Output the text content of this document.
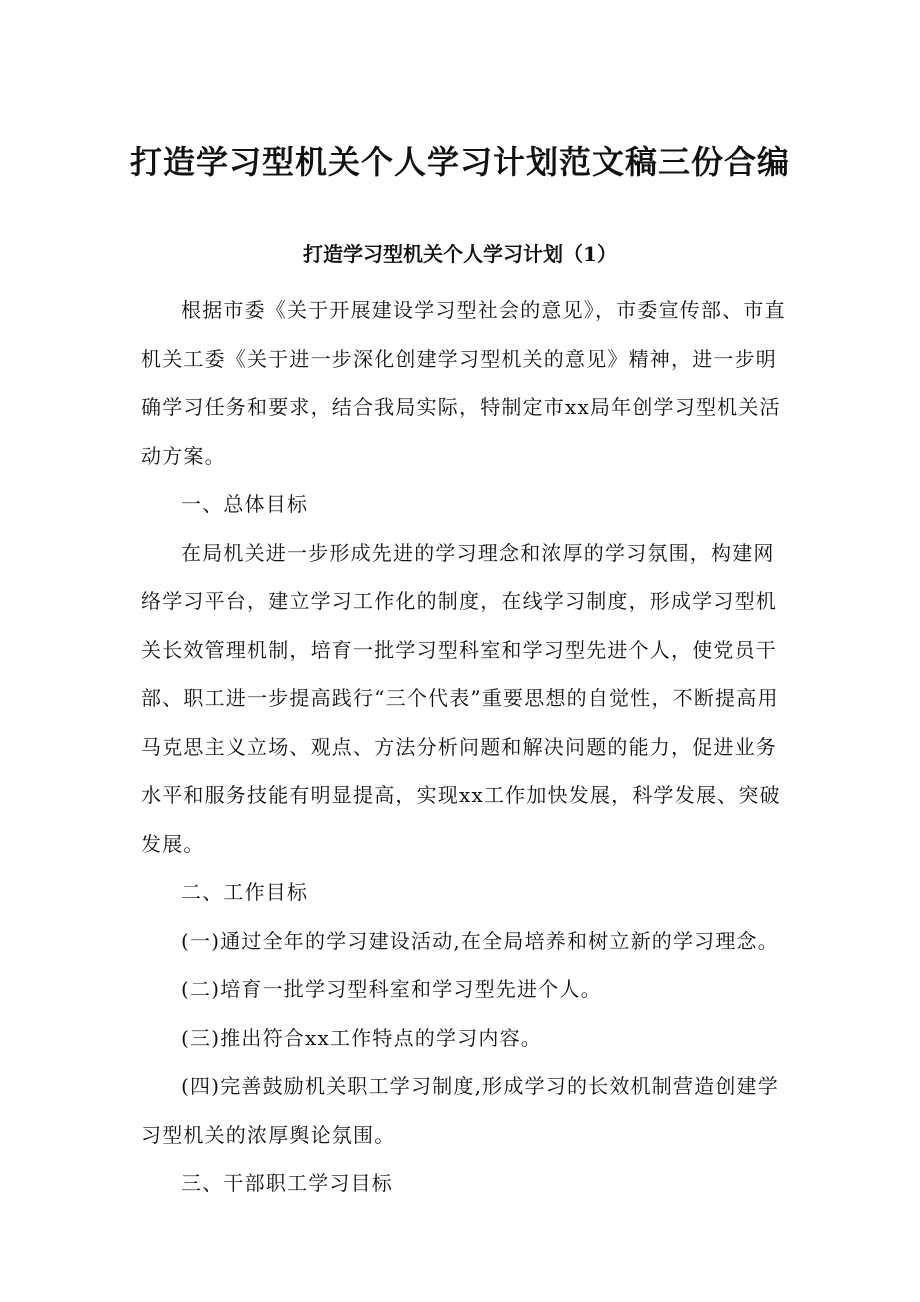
打造学习型机关个人学习计划范文稿三份合编
打造学习型机关个人学习计划（1）

根据市委《关于开展建设学习型社会的意见》，市委宣传部、市直机关工委《关于进一步深化创建学习型机关的意见》精神，进一步明确学习任务和要求，结合我局实际，特制定市xx局年创学习型机关活动方案。

一、总体目标

在局机关进一步形成先进的学习理念和浓厚的学习氛围，构建网络学习平台，建立学习工作化的制度，在线学习制度，形成学习型机关长效管理机制，培育一批学习型科室和学习型先进个人，使党员干部、职工进一步提高践行“三个代表”重要思想的自觉性，不断提高用马克思主义立场、观点、方法分析问题和解决问题的能力，促进业务水平和服务技能有明显提高，实现xx工作加快发展，科学发展、突破发展。

二、工作目标

(一)通过全年的学习建设活动,在全局培养和树立新的学习理念。

(二)培育一批学习型科室和学习型先进个人。

(三)推出符合xx工作特点的学习内容。

(四)完善鼓励机关职工学习制度,形成学习的长效机制营造创建学习型机关的浓厚舆论氛围。

三、干部职工学习目标
